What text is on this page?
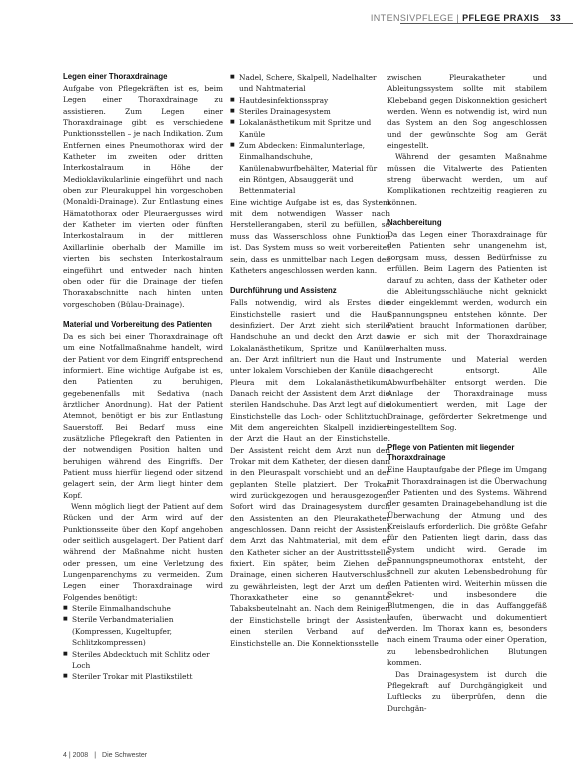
INTENSIVPFLEGE | PFLEGE PRAXIS 33
Legen einer Thoraxdrainage

Aufgabe von Pflegekräften ist es, beim Legen einer Thoraxdrainage zu assistieren. Zum Legen einer Thoraxdrainage gibt es verschiedene Punktionsstellen – je nach Indikation. Zum Entfernen eines Pneumothorax wird der Katheter im zweiten oder dritten Interkostalraum in Höhe der Medioklavikularlinie eingeführt und nach oben zur Pleurakuppel hin vorgeschoben (Monaldi-Drainage). Zur Entlastung eines Hämatothorax oder Pleuraergusses wird der Katheter im vierten oder fünften Interkostalraum in der mittleren Axillarlinie oberhalb der Mamille im vierten bis sechsten Interkostalraum eingeführt und entweder nach hinten oben oder für die Drainage der tiefen Thoraxabschnitte nach hinten unten vorgeschoben (Bülau-Drainage).

Material und Vorbereitung des Patienten

Da es sich bei einer Thoraxdrainage oft um eine Notfallmaßnahme handelt, wird der Patient vor dem Eingriff entsprechend informiert. Eine wichtige Aufgabe ist es, den Patienten zu beruhigen, gegebenenfalls mit Sedativa (nach ärztlicher Anordnung). Hat der Patient Atemnot, benötigt er bis zur Entlastung Sauerstoff. Bei Bedarf muss eine zusätzliche Pflegekraft den Patienten in der notwendigen Position halten und beruhigen während des Eingriffs. Der Patient muss hierfür liegend oder sitzend gelagert sein, der Arm liegt hinter dem Kopf.

Wenn möglich liegt der Patient auf dem Rücken und der Arm wird auf der Punktionsseite über den Kopf angehoben oder seitlich ausgelagert. Der Patient darf während der Maßnahme nicht husten oder pressen, um eine Verletzung des Lungenparenchyms zu vermeiden. Zum Legen einer Thoraxdrainage wird Folgendes benötigt:

■ Sterile Einmalhandschuhe
■ Sterile Verbandmaterialien (Kompressen, Kugeltupfer, Schlitzkompressen)
■ Steriles Abdecktuch mit Schlitz oder Loch
■ Steriler Trokar mit Plastikstilett
■ Nadel, Schere, Skalpell, Nadelhalter und Nahtmaterial
■ Hautdesinfektionsspray
■ Steriles Drainagesystem
■ Lokalanästhetikum mit Spritze und Kanüle
■ Zum Abdecken: Einmalunterlage, Einmalhandschuhe, Kanülenabwurfbehälter, Material für ein Röntgen, Absauggerät und Bettenmaterial

Eine wichtige Aufgabe ist es, das System mit dem notwendigen Wasser nach Herstellerangaben, steril zu befüllen, so muss das Wasserschloss ohne Funktion ist. Das System muss so weit vorbereitet sein, dass es unmittelbar nach Legen des Katheters angeschlossen werden kann.

Durchführung und Assistenz

Falls notwendig, wird als Erstes die Einstichstelle rasiert und die Haut desinfiziert. Der Arzt zieht sich sterile Handschuhe an und deckt den Arzt das Lokalanästhetikum, Spritze und Kanüle an. Der Arzt infiltriert nun die Haut und unter lokalem Vorschieben der Kanüle die Pleura mit dem Lokalanästhetikum. Danach reicht der Assistent dem Arzt die sterilen Handschuhe. Das Arzt legt auf die Einstichstelle das Loch- oder Schlitztuch. Mit dem angereichten Skalpell inzidiert der Arzt die Haut an der Einstichstelle. Der Assistent reicht dem Arzt nun den Trokar mit dem Katheter, der diesen dann in den Pleuraspalt vorschiebt und an der geplanten Stelle platziert. Der Trokar wird zurückgezogen und herausgezogen. Sofort wird das Drainagesystem durch den Assistenten an den Pleurakatheter angeschlossen. Dann reicht der Assistent dem Arzt das Nahtmaterial, mit dem er den Katheter sicher an der Austrittsstelle fixiert. Ein später, beim Ziehen der Drainage, einen sicheren Hautverschluss zu gewährleisten, legt der Arzt um den Thoraxkatheter eine so genannte Tabaksbeutelnaht an. Nach dem Reinigen der Einstichstelle bringt der Assistent einen sterilen Verband auf der Einstichstelle an. Die Konnektionsstelle

zwischen Pleurakatheter und Ableitungssystem sollte mit stabilem Klebeband gegen Diskonnektion gesichert werden. Wenn es notwendig ist, wird nun das System an den Sog angeschlossen und der gewünschte Sog am Gerät eingestellt.

Während der gesamten Maßnahme müssen die Vitalwerte des Patienten streng überwacht werden, um auf Komplikationen rechtzeitig reagieren zu können.

Nachbereitung

Da das Legen einer Thoraxdrainage für den Patienten sehr unangenehm ist, sorgsam muss, dessen Bedürfnisse zu erfüllen. Beim Lagern des Patienten ist darauf zu achten, dass der Katheter oder die Ableitungsschläuche nicht geknickt oder eingeklemmt werden, wodurch ein Spannungspneu entstehen könnte. Der Patient braucht Informationen darüber, wie er sich mit der Thoraxdrainage verhalten muss.

Instrumente und Material werden sachgerecht entsorgt. Alle Abwurfbehälter entsorgt werden. Die Anlage der Thoraxdrainage muss dokumentiert werden, mit Lage der Drainage, geförderter Sekretmenge und eingestelltem Sog.

Pflege von Patienten mit liegender Thoraxdrainage

Eine Hauptaufgabe der Pflege im Umgang mit Thoraxdrainagen ist die Überwachung der Patienten und des Systems. Während der gesamten Drainagebehandlung ist die Überwachung der Atmung und des Kreislaufs erforderlich. Die größte Gefahr für den Patienten liegt darin, dass das System undicht wird. Gerade im Spannungspneumothorax entsteht, der schnell zur akuten Lebensbedrohung für den Patienten wird. Weiterhin müssen die Sekret- und insbesondere die Blutmengen, die in das Auffanggefäß laufen, überwacht und dokumentiert werden. Im Thorax kann es, besonders nach einem Trauma oder einer Operation, zu lebensbedrohlichen Blutungen kommen.

Das Drainagesystem ist durch die Pflegekraft auf Durchgängigkeit und Luftlecks zu überprüfen, denn die Durchgän-

4 | 2008 | Die Schwester
